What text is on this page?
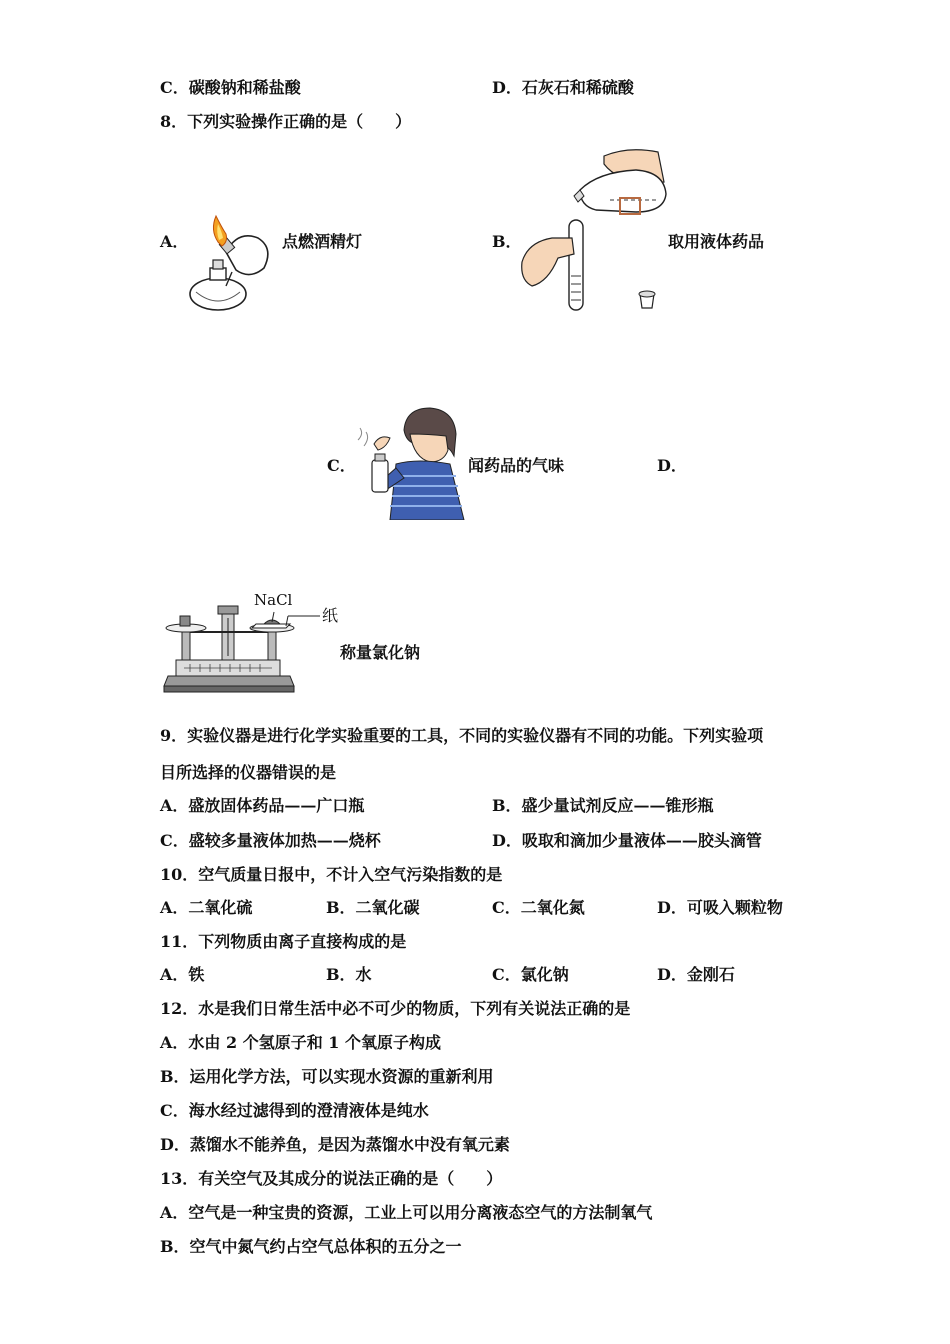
C．碳酸钠和稀盐酸	D．石灰石和稀硫酸
8．下列实验操作正确的是（　　）
A．	点燃酒精灯	B．	取用液体药品
C．	闻药品的气味	D．
NaCl
纸
称量氯化钠
9．实验仪器是进行化学实验重要的工具，不同的实验仪器有不同的功能。下列实验项
目所选择的仪器错误的是
A．盛放固体药品——广口瓶	B．盛少量试剂反应——锥形瓶
C．盛较多量液体加热——烧杯	D．吸取和滴加少量液体——胶头滴管
10．空气质量日报中，不计入空气污染指数的是
A．二氧化硫	B．二氧化碳	C．二氧化氮	D．可吸入颗粒物
11．下列物质由离子直接构成的是
A．铁	B．水	C．氯化钠	D．金刚石
12．水是我们日常生活中必不可少的物质，下列有关说法正确的是
A．水由 2 个氢原子和 1 个氧原子构成
B．运用化学方法，可以实现水资源的重新利用
C．海水经过滤得到的澄清液体是纯水
D．蒸馏水不能养鱼，是因为蒸馏水中没有氧元素
13．有关空气及其成分的说法正确的是（　　）
A．空气是一种宝贵的资源，工业上可以用分离液态空气的方法制氧气
B．空气中氮气约占空气总体积的五分之一
